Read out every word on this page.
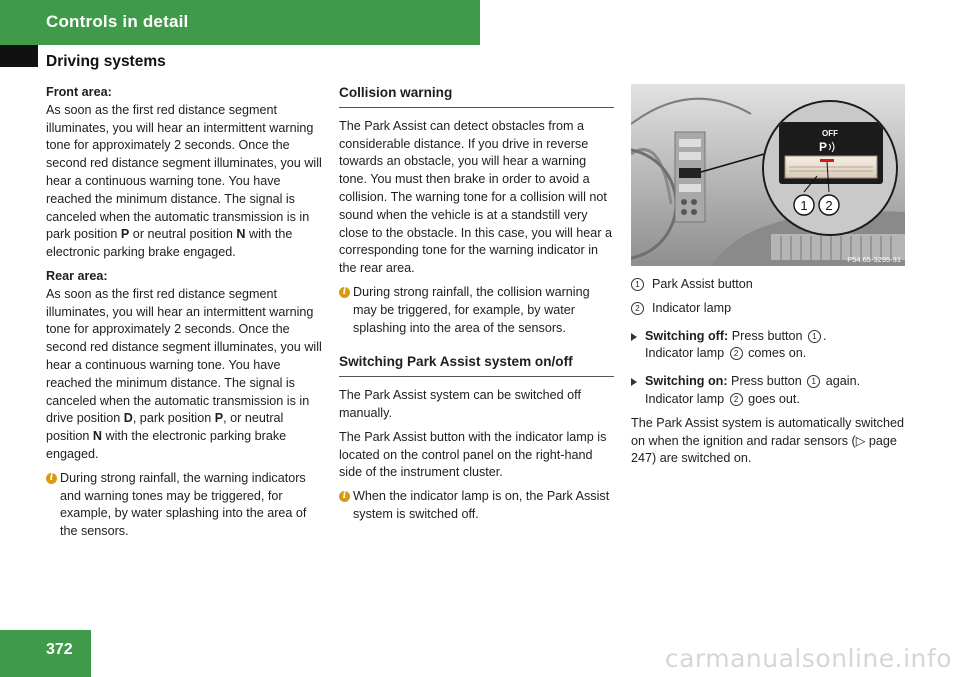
Controls in detail
Driving systems

Front area:
As soon as the first red distance segment illuminates, you will hear an intermittent warning tone for approximately 2 seconds. Once the second red distance segment illuminates, you will hear a continuous warning tone. You have reached the minimum distance. The signal is canceled when the automatic transmission is in park position P or neutral position N with the electronic parking brake engaged.

Rear area:
As soon as the first red distance segment illuminates, you will hear an intermittent warning tone for approximately 2 seconds. Once the second red distance segment illuminates, you will hear a continuous warning tone. You have reached the minimum distance. The signal is canceled when the automatic transmission is in drive position D, park position P, or neutral position N with the electronic parking brake engaged.

i During strong rainfall, the warning indicators and warning tones may be triggered, for example, by water splashing into the area of the sensors.
Collision warning

The Park Assist can detect obstacles from a considerable distance. If you drive in reverse towards an obstacle, you will hear a warning tone. You must then brake in order to avoid a collision. The warning tone for a collision will not sound when the vehicle is at a standstill very close to the obstacle. In this case, you will hear a corresponding tone for the warning indicator in the rear area.

i During strong rainfall, the collision warning may be triggered, for example, by water splashing into the area of the sensors.
Switching Park Assist system on/off

The Park Assist system can be switched off manually.

The Park Assist button with the indicator lamp is located on the control panel on the right-hand side of the instrument cluster.

i When the indicator lamp is on, the Park Assist system is switched off.
OFF
P
1 2
P54.65-3295-31
1 Park Assist button
2 Indicator lamp
Switching off: Press button 1 .
Indicator lamp 2 comes on.
Switching on: Press button 1 again.
Indicator lamp 2 goes out.

The Park Assist system is automatically switched on when the ignition and radar sensors (▷ page 247) are switched on.

372	carmanualsonline.info
